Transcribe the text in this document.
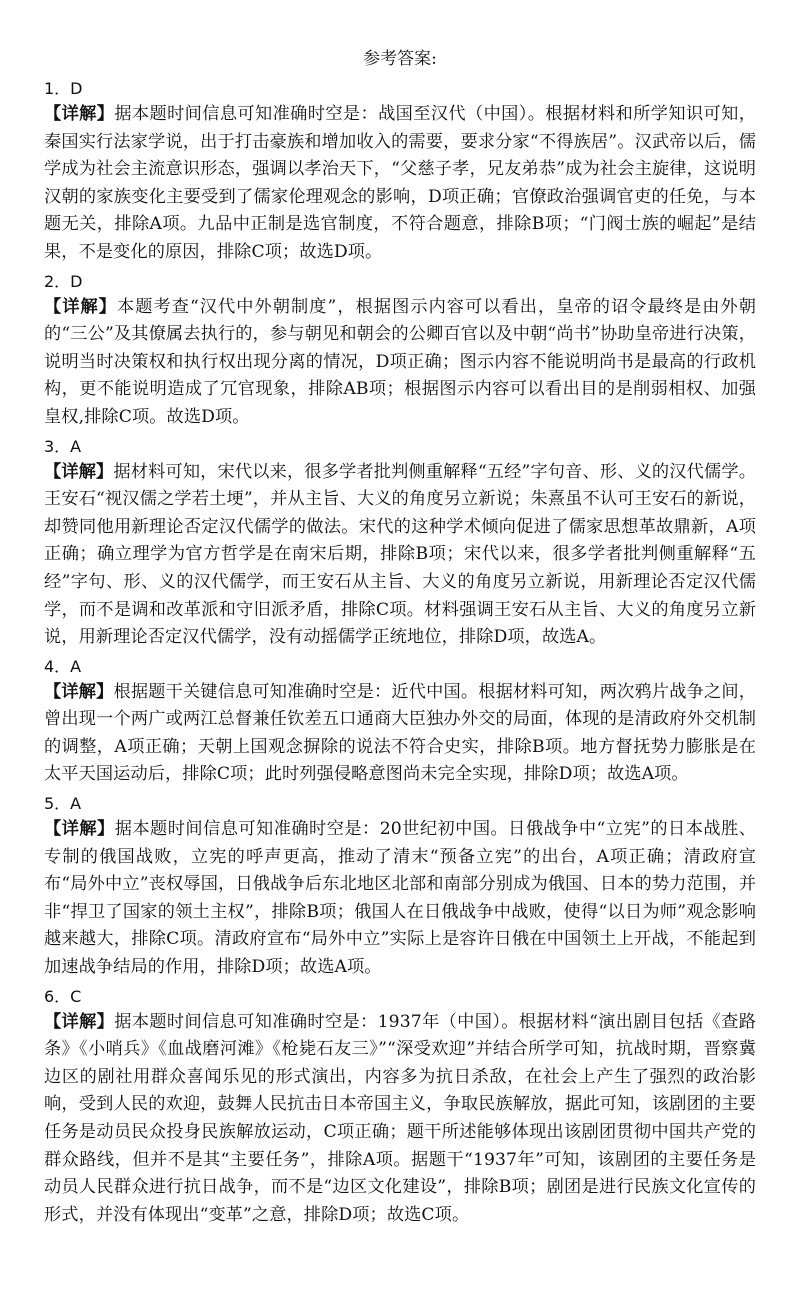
参考答案:
1．D
【详解】据本题时间信息可知准确时空是：战国至汉代（中国）。根据材料和所学知识可知，秦国实行法家学说，出于打击豪族和增加收入的需要，要求分家“不得族居”。汉武帝以后，儒学成为社会主流意识形态，强调以孝治天下，“父慈子孝，兄友弟恭”成为社会主旋律，这说明汉朝的家族变化主要受到了儒家伦理观念的影响，D项正确；官僚政治强调官吏的任免，与本题无关，排除A项。九品中正制是选官制度，不符合题意，排除B项；“门阀士族的崛起”是结果，不是变化的原因，排除C项；故选D项。
2．D
【详解】本题考查“汉代中外朝制度”，根据图示内容可以看出，皇帝的诏令最终是由外朝的“三公”及其僚属去执行的，参与朝见和朝会的公卿百官以及中朝“尚书”协助皇帝进行决策，说明当时决策权和执行权出现分离的情况，D项正确；图示内容不能说明尚书是最高的行政机构，更不能说明造成了冗官现象，排除AB项；根据图示内容可以看出目的是削弱相权、加强皇权,排除C项。故选D项。
3．A
【详解】据材料可知，宋代以来，很多学者批判侧重解释“五经”字句音、形、义的汉代儒学。王安石“视汉儒之学若土埂”，并从主旨、大义的角度另立新说；朱熹虽不认可王安石的新说，却赞同他用新理论否定汉代儒学的做法。宋代的这种学术倾向促进了儒家思想革故鼎新，A项正确；确立理学为官方哲学是在南宋后期，排除B项；宋代以来，很多学者批判侧重解释“五经”字句、形、义的汉代儒学，而王安石从主旨、大义的角度另立新说，用新理论否定汉代儒学，而不是调和改革派和守旧派矛盾，排除C项。材料强调王安石从主旨、大义的角度另立新说，用新理论否定汉代儒学，没有动摇儒学正统地位，排除D项，故选A。
4．A
【详解】根据题干关键信息可知准确时空是：近代中国。根据材料可知，两次鸦片战争之间，曾出现一个两广或两江总督兼任钦差五口通商大臣独办外交的局面，体现的是清政府外交机制的调整，A项正确；天朝上国观念摒除的说法不符合史实，排除B项。地方督抚势力膨胀是在太平天国运动后，排除C项；此时列强侵略意图尚未完全实现，排除D项；故选A项。
5．A
【详解】据本题时间信息可知准确时空是：20世纪初中国。日俄战争中“立宪”的日本战胜、专制的俄国战败，立宪的呼声更高，推动了清末“预备立宪”的出台，A项正确；清政府宣布“局外中立”丧权辱国，日俄战争后东北地区北部和南部分别成为俄国、日本的势力范围，并非“捍卫了国家的领土主权”，排除B项；俄国人在日俄战争中战败，使得“以日为师”观念影响越来越大，排除C项。清政府宣布“局外中立”实际上是容许日俄在中国领土上开战，不能起到加速战争结局的作用，排除D项；故选A项。
6．C
【详解】据本题时间信息可知准确时空是：1937年（中国）。根据材料“演出剧目包括《查路条》《小哨兵》《血战磨河滩》《枪毙石友三》”“深受欢迎”并结合所学可知，抗战时期，晋察冀边区的剧社用群众喜闻乐见的形式演出，内容多为抗日杀敌，在社会上产生了强烈的政治影响，受到人民的欢迎，鼓舞人民抗击日本帝国主义，争取民族解放，据此可知，该剧团的主要任务是动员民众投身民族解放运动，C项正确；题干所述能够体现出该剧团贯彻中国共产党的群众路线，但并不是其“主要任务”，排除A项。据题干“1937年”可知，该剧团的主要任务是动员人民群众进行抗日战争，而不是“边区文化建设”，排除B项；剧团是进行民族文化宣传的形式，并没有体现出“变革”之意，排除D项；故选C项。
